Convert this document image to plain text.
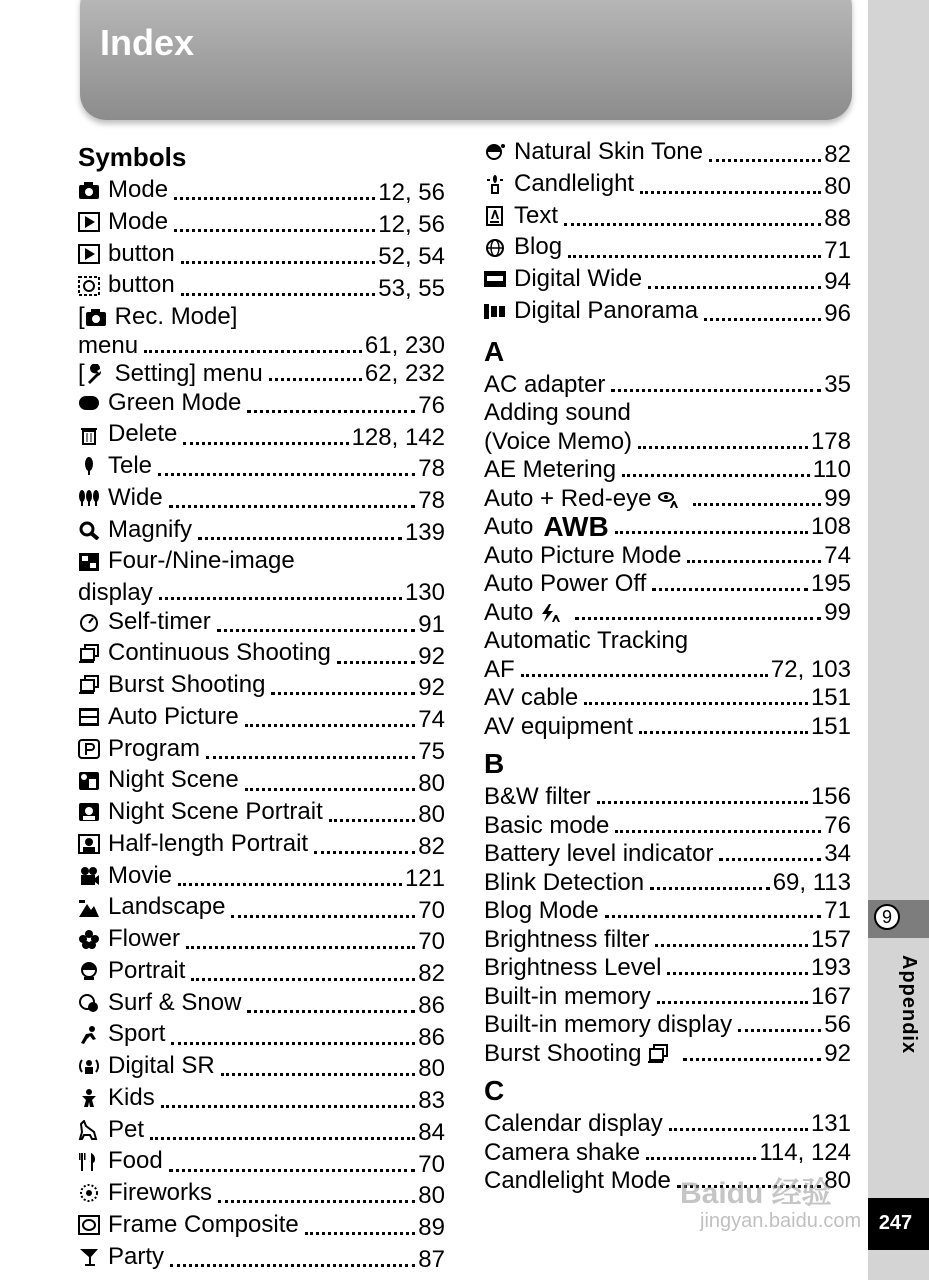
Index
9
Appendix
247
Symbols
Mode	12, 56
Mode	12, 56
button	52, 54
button	53, 55
[ Rec. Mode]
menu	61, 230
[ Setting] menu	62, 232
Green Mode	76
Delete	128, 142
Tele	78
Wide	78
Magnify	139
Four-/Nine-image
display	130
Self-timer	91
Continuous Shooting	92
Burst Shooting	92
Auto Picture	74
Program	75
Night Scene	80
Night Scene Portrait	80
Half-length Portrait	82
Movie	121
Landscape	70
Flower	70
Portrait	82
Surf & Snow	86
Sport	86
Digital SR	80
Kids	83
Pet	84
Food	70
Fireworks	80
Frame Composite	89
Party	87
Natural Skin Tone	82
Candlelight	80
Text	88
Blog	71
Digital Wide	94
Digital Panorama	96
A
AC adapter	35
Adding sound
(Voice Memo)	178
AE Metering	110
Auto + Red-eye	99
Auto AWB	108
Auto Picture Mode	74
Auto Power Off	195
Auto	99
Automatic Tracking
AF	72, 103
AV cable	151
AV equipment	151
B
B&W filter	156
Basic mode	76
Battery level indicator	34
Blink Detection	69, 113
Blog Mode	71
Brightness filter	157
Brightness Level	193
Built-in memory	167
Built-in memory display	56
Burst Shooting	92
C
Calendar display	131
Camera shake	114, 124
Candlelight Mode	80
Baidu 经验
jingyan.baidu.com
